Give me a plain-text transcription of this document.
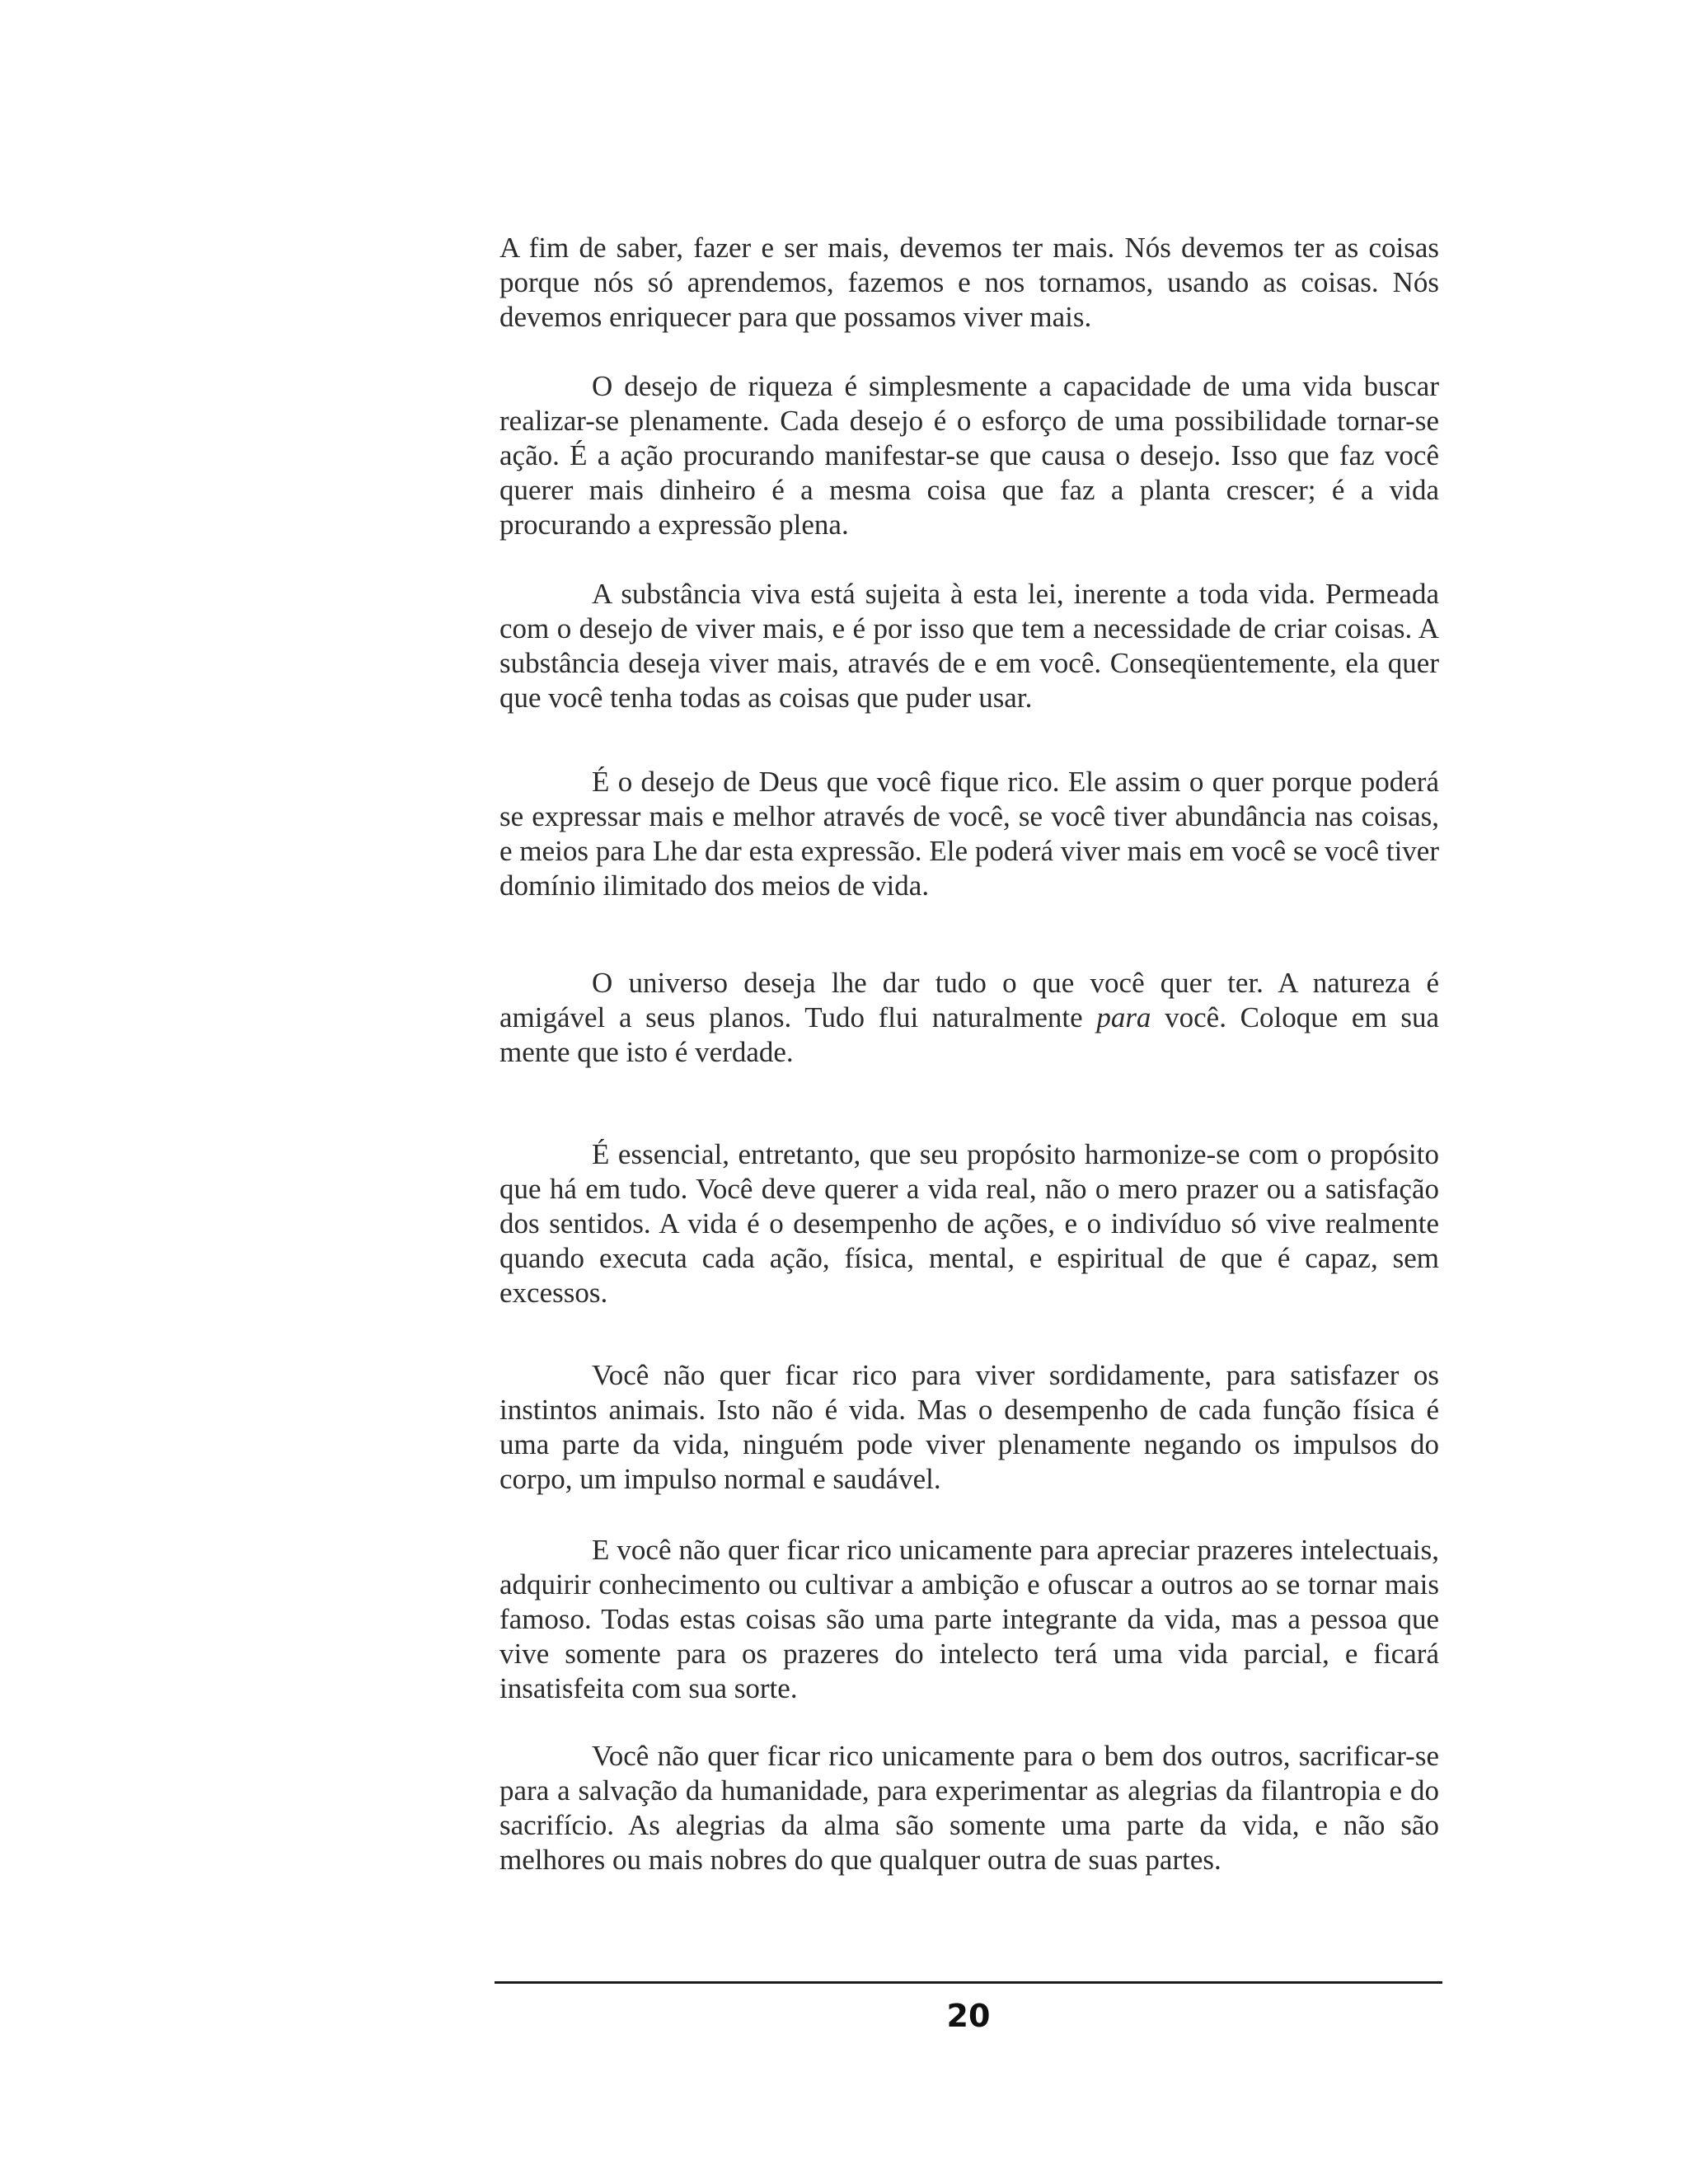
A fim de saber, fazer e ser mais, devemos ter mais. Nós devemos ter as coisas porque nós só aprendemos, fazemos e nos tornamos, usando as coisas. Nós devemos enriquecer para que possamos viver mais.

O desejo de riqueza é simplesmente a capacidade de uma vida buscar realizar-se plenamente. Cada desejo é o esforço de uma possibilidade tornar-se ação. É a ação procurando manifestar-se que causa o desejo. Isso que faz você querer mais dinheiro é a mesma coisa que faz a planta crescer; é a vida procurando a expressão plena.

A substância viva está sujeita à esta lei, inerente a toda vida. Permeada com o desejo de viver mais, e é por isso que tem a necessidade de criar coisas. A substância deseja viver mais, através de e em você. Conseqüentemente, ela quer que você tenha todas as coisas que puder usar.

É o desejo de Deus que você fique rico. Ele assim o quer porque poderá se expressar mais e melhor através de você, se você tiver abundância nas coisas, e meios para Lhe dar esta expressão. Ele poderá viver mais em você se você tiver domínio ilimitado dos meios de vida.

O universo deseja lhe dar tudo o que você quer ter. A natureza é amigável a seus planos. Tudo flui naturalmente para você. Coloque em sua mente que isto é verdade.

É essencial, entretanto, que seu propósito harmonize-se com o propósito que há em tudo. Você deve querer a vida real, não o mero prazer ou a satisfação dos sentidos. A vida é o desempenho de ações, e o indivíduo só vive realmente quando executa cada ação, física, mental, e espiritual de que é capaz, sem excessos.

Você não quer ficar rico para viver sordidamente, para satisfazer os instintos animais. Isto não é vida. Mas o desempenho de cada função física é uma parte da vida, ninguém pode viver plenamente negando os impulsos do corpo, um impulso normal e saudável.

E você não quer ficar rico unicamente para apreciar prazeres intelectuais, adquirir conhecimento ou cultivar a ambição e ofuscar a outros ao se tornar mais famoso. Todas estas coisas são uma parte integrante da vida, mas a pessoa que vive somente para os prazeres do intelecto terá uma vida parcial, e ficará insatisfeita com sua sorte.

Você não quer ficar rico unicamente para o bem dos outros, sacrificar-se para a salvação da humanidade, para experimentar as alegrias da filantropia e do sacrifício. As alegrias da alma são somente uma parte da vida, e não são melhores ou mais nobres do que qualquer outra de suas partes.

20
